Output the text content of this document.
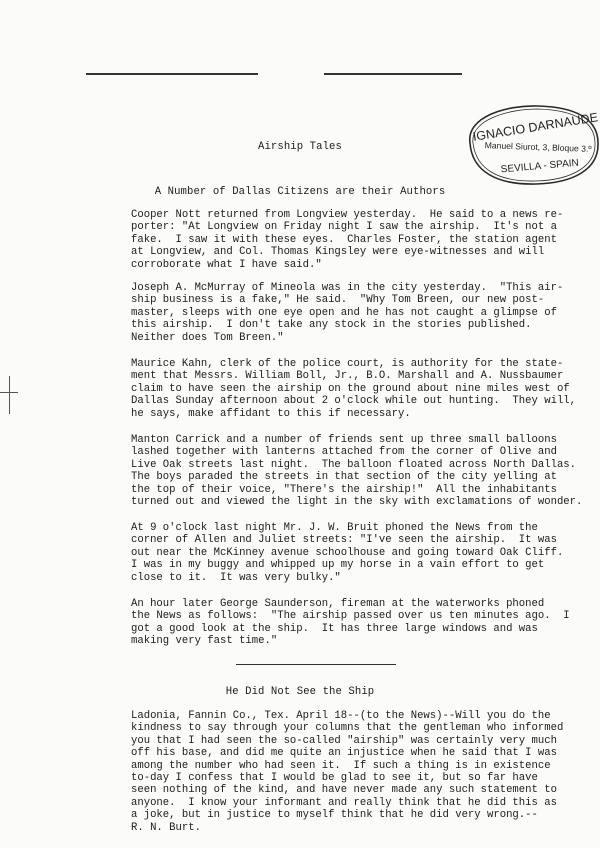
IGNACIO DARNAUDE
Manuel Siurot, 3, Bloque 3.º
SEVILLA - SPAIN
Airship Tales
A Number of Dallas Citizens are their Authors
Cooper Nott returned from Longview yesterday.  He said to a news re-
porter: "At Longview on Friday night I saw the airship.  It's not a
fake.  I saw it with these eyes.  Charles Foster, the station agent
at Longview, and Col. Thomas Kingsley were eye-witnesses and will
corroborate what I have said."
Joseph A. McMurray of Mineola was in the city yesterday.  "This air-
ship business is a fake," He said.  "Why Tom Breen, our new post-
master, sleeps with one eye open and he has not caught a glimpse of
this airship.  I don't take any stock in the stories published.
Neither does Tom Breen."
Maurice Kahn, clerk of the police court, is authority for the state-
ment that Messrs. William Boll, Jr., B.O. Marshall and A. Nussbaumer
claim to have seen the airship on the ground about nine miles west of
Dallas Sunday afternoon about 2 o'clock while out hunting.  They will,
he says, make affidant to this if necessary.
Manton Carrick and a number of friends sent up three small balloons
lashed together with lanterns attached from the corner of Olive and
Live Oak streets last night.  The balloon floated across North Dallas.
The boys paraded the streets in that section of the city yelling at
the top of their voice, "There's the airship!"  All the inhabitants
turned out and viewed the light in the sky with exclamations of wonder.
At 9 o'clock last night Mr. J. W. Bruit phoned the News from the
corner of Allen and Juliet streets: "I've seen the airship.  It was
out near the McKinney avenue schoolhouse and going toward Oak Cliff.
I was in my buggy and whipped up my horse in a vain effort to get
close to it.  It was very bulky."
An hour later George Saunderson, fireman at the waterworks phoned
the News as follows:  "The airship passed over us ten minutes ago.  I
got a good look at the ship.  It has three large windows and was
making very fast time."
He Did Not See the Ship
Ladonia, Fannin Co., Tex. April 18--(to the News)--Will you do the
kindness to say through your columns that the gentleman who informed
you that I had seen the so-called "airship" was certainly very much
off his base, and did me quite an injustice when he said that I was
among the number who had seen it.  If such a thing is in existence
to-day I confess that I would be glad to see it, but so far have
seen nothing of the kind, and have never made any such statement to
anyone.  I know your informant and really think that he did this as
a joke, but in justice to myself think that he did very wrong.--
R. N. Burt.
